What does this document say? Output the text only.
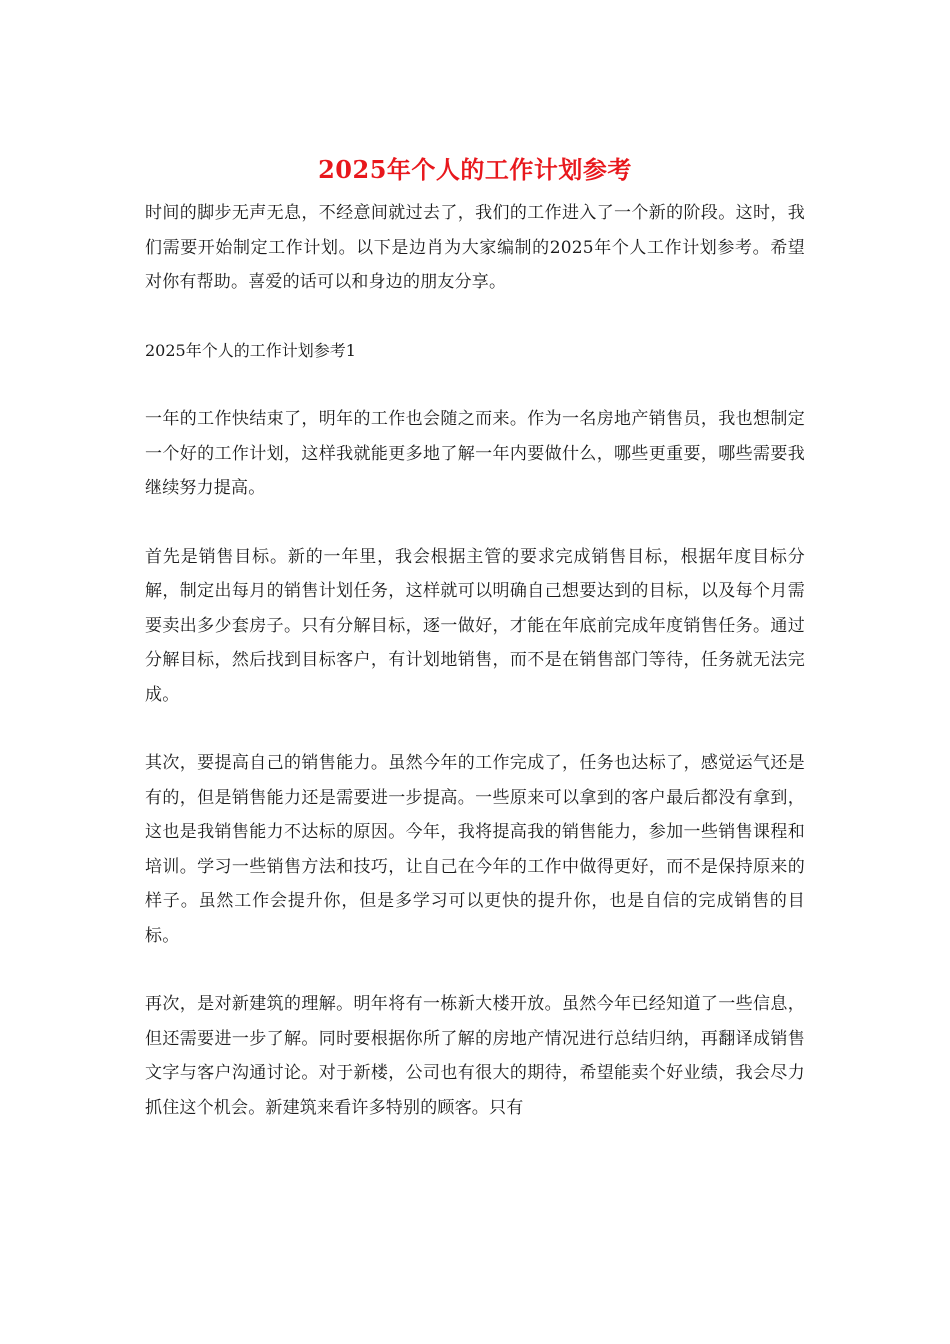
2025年个人的工作计划参考

时间的脚步无声无息，不经意间就过去了，我们的工作进入了一个新的阶段。这时，我们需要开始制定工作计划。以下是边肖为大家编制的2025年个人工作计划参考。希望对你有帮助。喜爱的话可以和身边的朋友分享。

2025年个人的工作计划参考1

一年的工作快结束了，明年的工作也会随之而来。作为一名房地产销售员，我也想制定一个好的工作计划，这样我就能更多地了解一年内要做什么，哪些更重要，哪些需要我继续努力提高。

首先是销售目标。新的一年里，我会根据主管的要求完成销售目标，根据年度目标分解，制定出每月的销售计划任务，这样就可以明确自己想要达到的目标，以及每个月需要卖出多少套房子。只有分解目标，逐一做好，才能在年底前完成年度销售任务。通过分解目标，然后找到目标客户，有计划地销售，而不是在销售部门等待，任务就无法完成。

其次，要提高自己的销售能力。虽然今年的工作完成了，任务也达标了，感觉运气还是有的，但是销售能力还是需要进一步提高。一些原来可以拿到的客户最后都没有拿到，这也是我销售能力不达标的原因。今年，我将提高我的销售能力，参加一些销售课程和培训。学习一些销售方法和技巧，让自己在今年的工作中做得更好，而不是保持原来的样子。虽然工作会提升你，但是多学习可以更快的提升你，也是自信的完成销售的目标。

再次，是对新建筑的理解。明年将有一栋新大楼开放。虽然今年已经知道了一些信息，但还需要进一步了解。同时要根据你所了解的房地产情况进行总结归纳，再翻译成销售文字与客户沟通讨论。对于新楼，公司也有很大的期待，希望能卖个好业绩，我会尽力抓住这个机会。新建筑来看许多特别的顾客。只有
